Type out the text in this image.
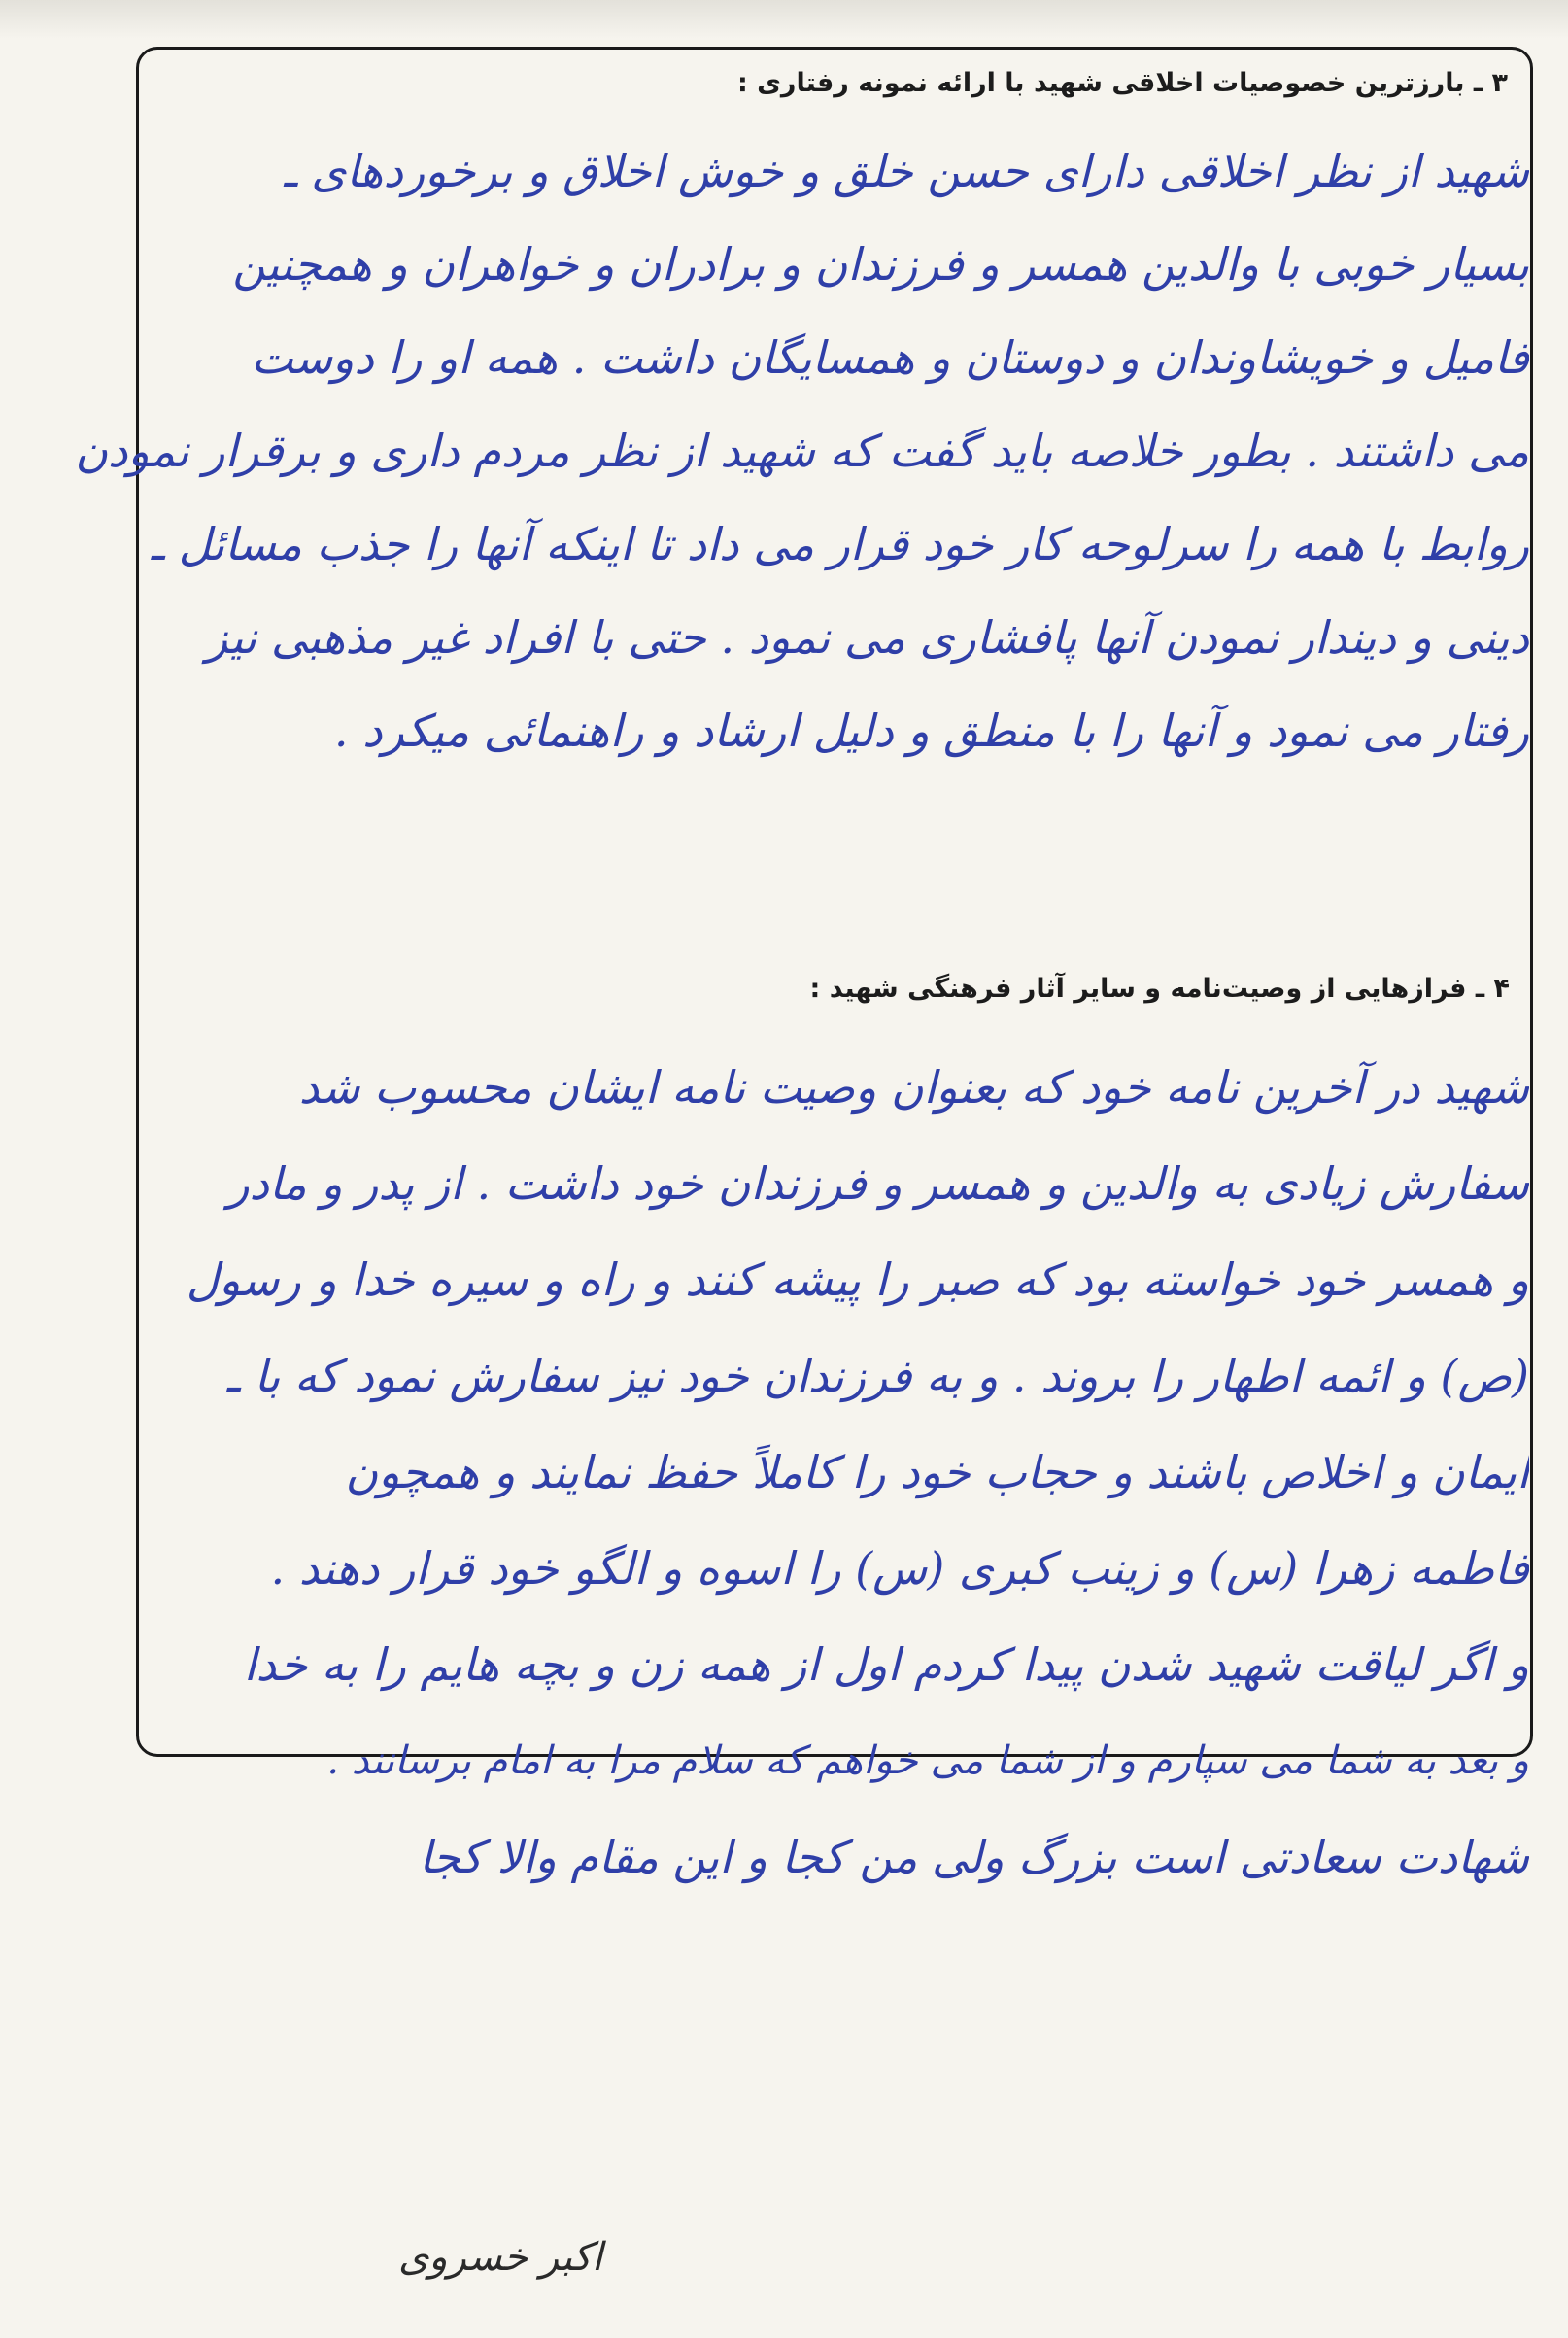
۳ ـ بارزترین خصوصیات اخلاقی شهید با ارائه نمونه رفتاری :
شهید از نظر اخلاقی دارای حسن خلق و خوش اخلاق و برخوردهای ـ
بسیار خوبی با والدین همسر و فرزندان و برادران و خواهران و همچنین
فامیل و خویشاوندان و دوستان و همسایگان داشت . همه او را دوست
می داشتند . بطور خلاصه باید گفت که شهید از نظر مردم داری و برقرار نمودن
روابط با همه را سرلوحه کار خود قرار می داد تا اینکه آنها را جذب مسائل ـ
دینی و دیندار نمودن آنها پافشاری می نمود . حتی با افراد غیر مذهبی نیز
رفتار می نمود و آنها را با منطق و دلیل ارشاد و راهنمائی میکرد .
۴ ـ فرازهایی از وصیت‌نامه و سایر آثار فرهنگی شهید :
شهید در آخرین نامه خود که بعنوان وصیت نامه ایشان محسوب شد
سفارش زیادی به والدین و همسر و فرزندان خود داشت . از پدر و مادر
و همسر خود خواسته بود که صبر را پیشه کنند و راه و سیره خدا و رسول
(ص) و ائمه اطهار را بروند . و به فرزندان خود نیز سفارش نمود که با ـ
ایمان و اخلاص باشند و حجاب خود را کاملاً حفظ نمایند و همچون
فاطمه زهرا (س) و زینب کبری (س) را اسوه و الگو خود قرار دهند .
و اگر لیاقت شهید شدن پیدا کردم اول از همه زن و بچه هایم را به خدا
و بعد به شما می سپارم و از شما می خواهم که سلام مرا به امام برسانند .
شهادت سعادتی است بزرگ ولی من کجا و این مقام والا کجا
اکبر خسروی
